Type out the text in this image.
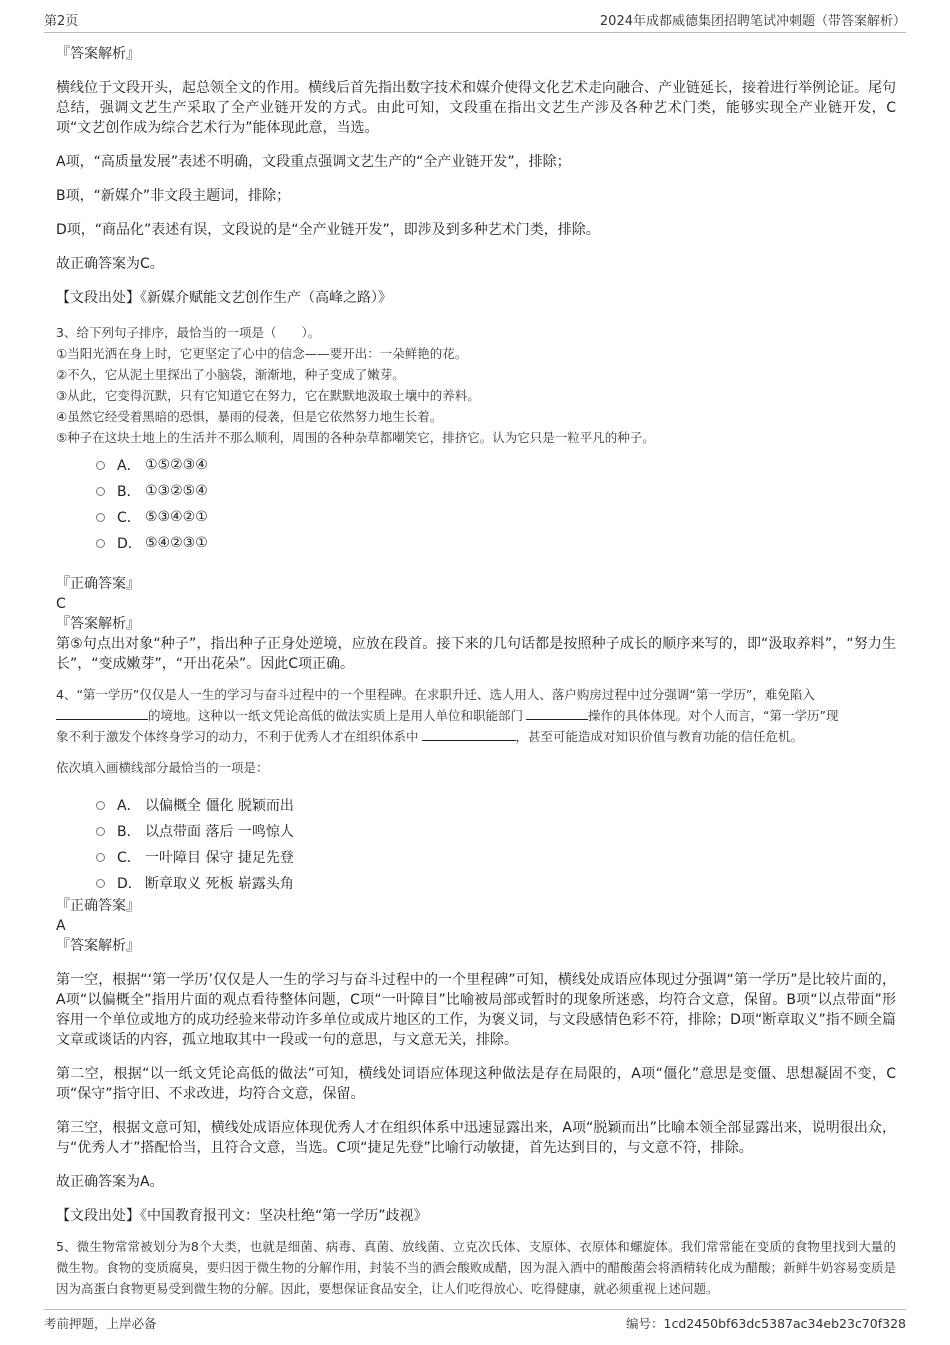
第2页	2024年成都威德集团招聘笔试冲刺题（带答案解析）

『答案解析』

横线位于文段开头，起总领全文的作用。横线后首先指出数字技术和媒介使得文化艺术走向融合、产业链延长，接着进行举例论证。尾句总结，强调文艺生产采取了全产业链开发的方式。由此可知，文段重在指出文艺生产涉及各种艺术门类，能够实现全产业链开发，C项“文艺创作成为综合艺术行为”能体现此意，当选。

A项，“高质量发展”表述不明确，文段重点强调文艺生产的“全产业链开发”，排除；

B项，“新媒介”非文段主题词，排除；

D项，“商品化”表述有误，文段说的是“全产业链开发”，即涉及到多种艺术门类，排除。

故正确答案为C。

【文段出处】《新媒介赋能文艺创作生产（高峰之路）》

3、给下列句子排序，最恰当的一项是（　　）。

①当阳光洒在身上时，它更坚定了心中的信念——要开出：一朵鲜艳的花。

②不久，它从泥土里探出了小脑袋，渐渐地，种子变成了嫩芽。

③从此，它变得沉默，只有它知道它在努力，它在默默地汲取土壤中的养料。

④虽然它经受着黑暗的恐惧，暴雨的侵袭，但是它依然努力地生长着。

⑤种子在这块土地上的生活并不那么顺利，周围的各种杂草都嘲笑它，排挤它。认为它只是一粒平凡的种子。

A． ①⑤②③④
B． ①③②⑤④
C． ⑤③④②①
D． ⑤④②③①

『正确答案』

C

『答案解析』

第⑤句点出对象“种子”，指出种子正身处逆境，应放在段首。接下来的几句话都是按照种子成长的顺序来写的，即“汲取养料”，“努力生长”，“变成嫩芽”，“开出花朵”。因此C项正确。

4、“第一学历”仅仅是人一生的学习与奋斗过程中的一个里程碑。在求职升迁、选人用人、落户购房过程中过分强调“第一学历”，难免陷入
的境地。这种以一纸文凭论高低的做法实质上是用人单位和职能部门	操作的具体体现。对个人而言，“第一学历”现
象不利于激发个体终身学习的动力，不利于优秀人才在组织体系中	，甚至可能造成对知识价值与教育功能的信任危机。

依次填入画横线部分最恰当的一项是：

A． 以偏概全 僵化 脱颖而出
B． 以点带面 落后 一鸣惊人
C． 一叶障目 保守 捷足先登
D． 断章取义 死板 崭露头角

『正确答案』

A

『答案解析』

第一空，根据“‘第一学历’仅仅是人一生的学习与奋斗过程中的一个里程碑”可知，横线处成语应体现过分强调“第一学历”是比较片面的，A项“以偏概全”指用片面的观点看待整体问题，C项“一叶障目”比喻被局部或暂时的现象所迷惑，均符合文意，保留。B项“以点带面”形容用一个单位或地方的成功经验来带动许多单位或成片地区的工作，为褒义词，与文段感情色彩不符，排除；D项“断章取义”指不顾全篇文章或谈话的内容，孤立地取其中一段或一句的意思，与文意无关，排除。

第二空，根据“以一纸文凭论高低的做法”可知，横线处词语应体现这种做法是存在局限的，A项“僵化”意思是变僵、思想凝固不变，C项“保守”指守旧、不求改进，均符合文意，保留。

第三空，根据文意可知，横线处成语应体现优秀人才在组织体系中迅速显露出来，A项“脱颖而出”比喻本领全部显露出来，说明很出众，与“优秀人才”搭配恰当，且符合文意，当选。C项“捷足先登”比喻行动敏捷，首先达到目的，与文意不符，排除。

故正确答案为A。

【文段出处】《中国教育报刊文：坚决杜绝“第一学历”歧视》

5、微生物常常被划分为8个大类，也就是细菌、病毒、真菌、放线菌、立克次氏体、支原体、衣原体和螺旋体。我们常常能在变质的食物里找到大量的微生物。食物的变质腐臭，要归因于微生物的分解作用，封装不当的酒会酸败成醋，因为混入酒中的醋酸菌会将酒精转化成为醋酸；新鲜牛奶容易变质是因为高蛋白食物更易受到微生物的分解。因此，要想保证食品安全，让人们吃得放心、吃得健康，就必须重视上述问题。

考前押题，上岸必备	编号：1cd2450bf63dc5387ac34eb23c70f328
